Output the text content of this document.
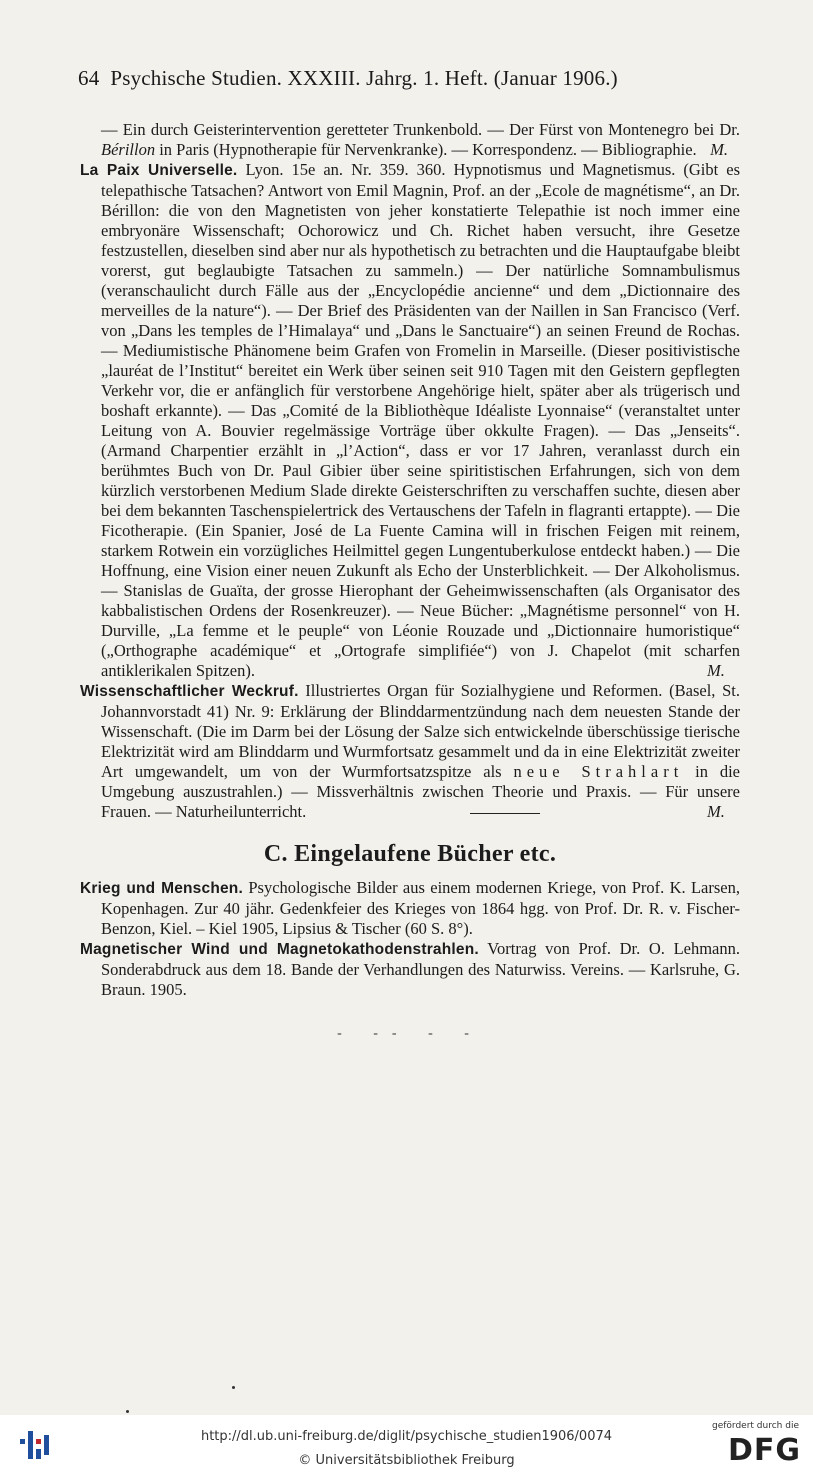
64 Psychische Studien. XXXIII. Jahrg. 1. Heft. (Januar 1906.)

— Ein durch Geisterintervention geretteter Trunkenbold. — Der Fürst von Montenegro bei Dr. Bérillon in Paris (Hypnotherapie für Nervenkranke). — Korrespondenz. — Bibliographie. M.

La Paix Universelle. Lyon. 15e an. Nr. 359. 360. Hypnotismus und Magnetismus. (Gibt es telepathische Tatsachen? Antwort von Emil Magnin, Prof. an der „Ecole de magnétisme“, an Dr. Bérillon: die von den Magnetisten von jeher konstatierte Telepathie ist noch immer eine embryonäre Wissenschaft; Ochorowicz und Ch. Richet haben versucht, ihre Gesetze festzustellen, dieselben sind aber nur als hypothetisch zu betrachten und die Hauptaufgabe bleibt vorerst, gut beglaubigte Tatsachen zu sammeln.) — Der natürliche Somnambulismus (veranschaulicht durch Fälle aus der „Encyclopédie ancienne“ und dem „Dictionnaire des merveilles de la nature“). — Der Brief des Präsidenten van der Naillen in San Francisco (Verf. von „Dans les temples de l’Himalaya“ und „Dans le Sanctuaire“) an seinen Freund de Rochas. — Mediumistische Phänomene beim Grafen von Fromelin in Marseille. (Dieser positivistische „lauréat de l’Institut“ bereitet ein Werk über seinen seit 910 Tagen mit den Geistern gepflegten Verkehr vor, die er anfänglich für verstorbene Angehörige hielt, später aber als trügerisch und boshaft erkannte). — Das „Comité de la Bibliothèque Idéaliste Lyonnaise“ (veranstaltet unter Leitung von A. Bouvier regelmässige Vorträge über okkulte Fragen). — Das „Jenseits“. (Armand Charpentier erzählt in „l’Action“, dass er vor 17 Jahren, veranlasst durch ein berühmtes Buch von Dr. Paul Gibier über seine spiritistischen Erfahrungen, sich von dem kürzlich verstorbenen Medium Slade direkte Geisterschriften zu verschaffen suchte, diesen aber bei dem bekannten Taschenspielertrick des Vertauschens der Tafeln in flagranti ertappte). — Die Ficotherapie. (Ein Spanier, José de La Fuente Camina will in frischen Feigen mit reinem, starkem Rotwein ein vorzügliches Heilmittel gegen Lungentuberkulose entdeckt haben.) — Die Hoffnung, eine Vision einer neuen Zukunft als Echo der Unsterblichkeit. — Der Alkoholismus. — Stanislas de Guaïta, der grosse Hierophant der Geheimwissenschaften (als Organisator des kabbalistischen Ordens der Rosenkreuzer). — Neue Bücher: „Magnétisme personnel“ von H. Durville, „La femme et le peuple“ von Léonie Rouzade und „Dictionnaire humoristique“ („Orthographe académique“ et „Ortografe simplifiée“) von J. Chapelot (mit scharfen antiklerikalen Spitzen).	M.

Wissenschaftlicher Weckruf. Illustriertes Organ für Sozialhygiene und Reformen. (Basel, St. Johannvorstadt 41) Nr. 9: Erklärung der Blinddarmentzündung nach dem neuesten Stande der Wissenschaft. (Die im Darm bei der Lösung der Salze sich entwickelnde überschüssige tierische Elektrizität wird am Blinddarm und Wurmfortsatz gesammelt und da in eine Elektrizität zweiter Art umgewandelt, um von der Wurmfortsatzspitze als neue Strahlart in die Umgebung auszustrahlen.) — Missverhältnis zwischen Theorie und Praxis. — Für unsere Frauen. — Naturheilunterricht.	M.

C. Eingelaufene Bücher etc.

Krieg und Menschen. Psychologische Bilder aus einem modernen Kriege, von Prof. K. Larsen, Kopenhagen. Zur 40 jähr. Gedenkfeier des Krieges von 1864 hgg. von Prof. Dr. R. v. Fischer-Benzon, Kiel. – Kiel 1905, Lipsius & Tischer (60 S. 8°).

Magnetischer Wind und Magnetokathodenstrahlen. Vortrag von Prof. Dr. O. Lehmann. Sonderabdruck aus dem 18. Bande der Verhandlungen des Naturwiss. Vereins. — Karlsruhe, G. Braun. 1905.

- -- - -
http://dl.ub.uni-freiburg.de/diglit/psychische_studien1906/0074
© Universitätsbibliothek Freiburg
gefördert durch die
DFG
